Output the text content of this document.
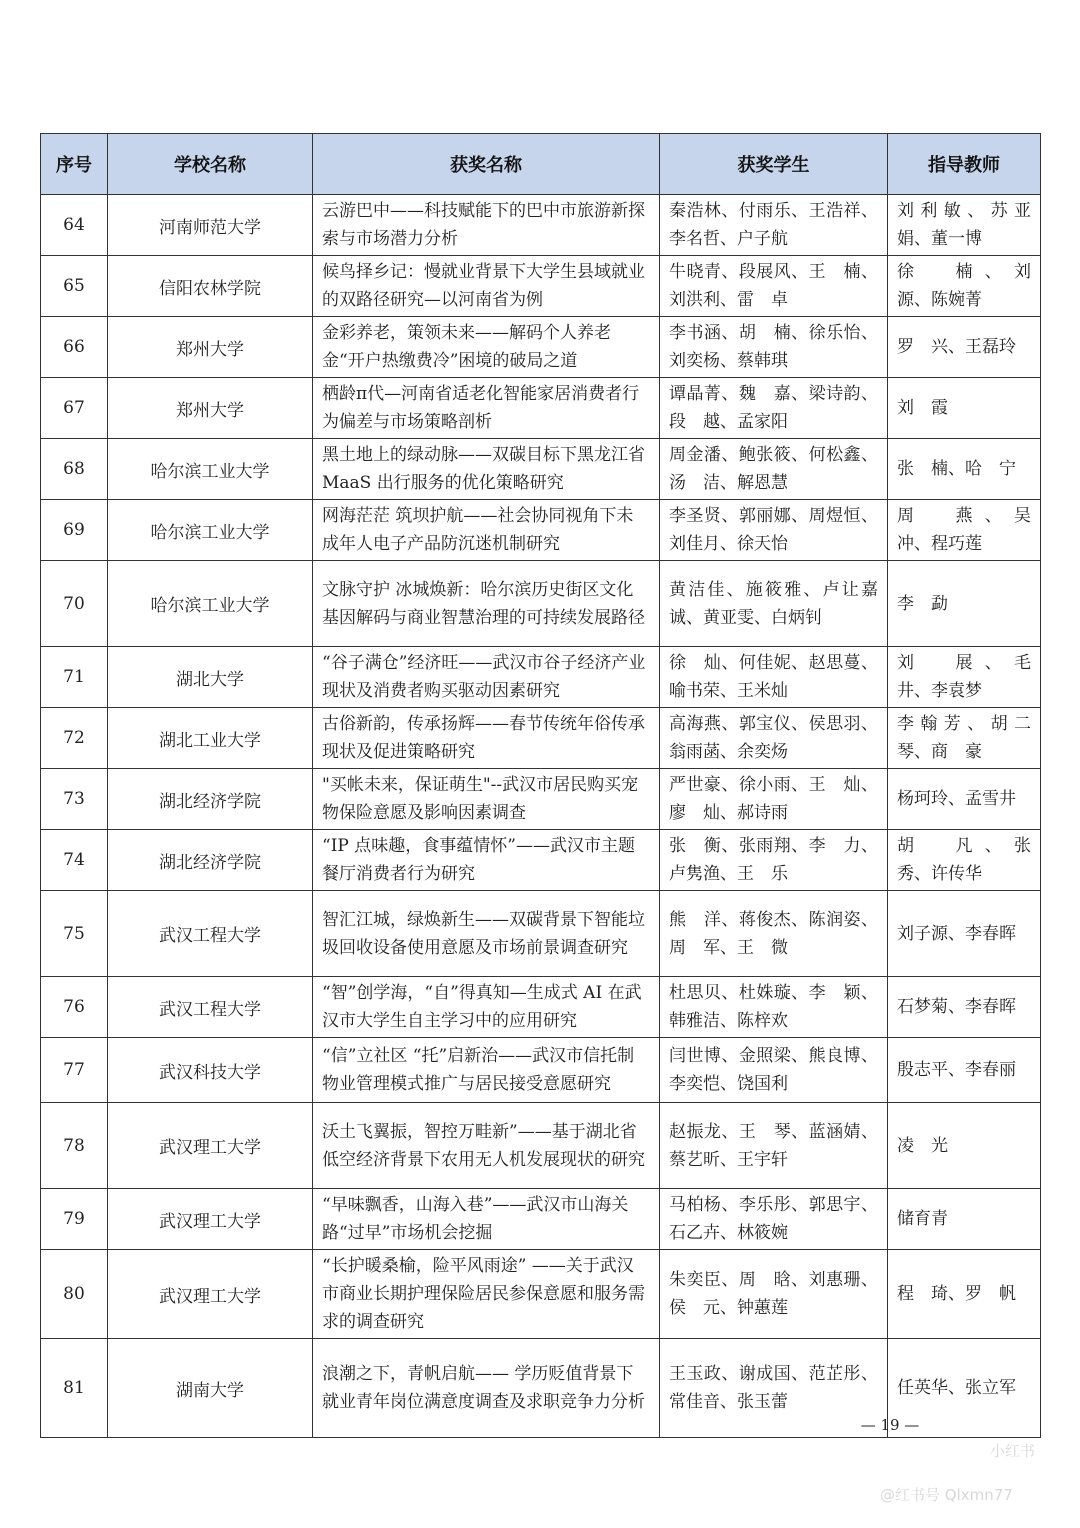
序号	学校名称	获奖名称	获奖学生	指导教师
64	河南师范大学	云游巴中——科技赋能下的巴中市旅游新探索与市场潜力分析	秦浩林、付雨乐、王浩祥、李名哲、户子航	刘利敏、苏亚娟、董一博
65	信阳农林学院	候鸟择乡记：慢就业背景下大学生县域就业的双路径研究—以河南省为例	牛晓青、段展风、王　楠、刘洪利、雷　卓	徐　楠、刘　源、陈婉菁
66	郑州大学	金彩养老，策领未来——解码个人养老金“开户热缴费冷”困境的破局之道	李书涵、胡　楠、徐乐怡、刘奕杨、蔡韩琪	罗　兴、王磊玲
67	郑州大学	栖龄π代—河南省适老化智能家居消费者行为偏差与市场策略剖析	谭晶菁、魏　嘉、梁诗韵、段　越、孟家阳	刘　霞
68	哈尔滨工业大学	黑土地上的绿动脉——双碳目标下黑龙江省 MaaS 出行服务的优化策略研究	周金潘、鲍张筱、何松鑫、汤　洁、解恩慧	张　楠、哈　宁
69	哈尔滨工业大学	网海茫茫 筑坝护航——社会协同视角下未成年人电子产品防沉迷机制研究	李圣贤、郭丽娜、周煜恒、刘佳月、徐天怡	周　燕、吴　冲、程巧莲
70	哈尔滨工业大学	文脉守护 冰城焕新：哈尔滨历史街区文化基因解码与商业智慧治理的可持续发展路径	黄洁佳、施筱雅、卢让嘉诚、黄亚雯、白炳钊	李　勐
71	湖北大学	“谷子满仓”经济旺——武汉市谷子经济产业现状及消费者购买驱动因素研究	徐　灿、何佳妮、赵思蔓、喻书荣、王米灿	刘　展、毛　井、李袁梦
72	湖北工业大学	古俗新韵，传承扬辉——春节传统年俗传承现状及促进策略研究	高海燕、郭宝仪、侯思羽、翁雨菡、余奕炀	李翰芳、胡二琴、商　豪
73	湖北经济学院	"买帐未来，保证萌生"--武汉市居民购买宠物保险意愿及影响因素调查	严世豪、徐小雨、王　灿、廖　灿、郝诗雨	杨珂玲、孟雪井
74	湖北经济学院	“IP 点味趣，食事蕴情怀”——武汉市主题餐厅消费者行为研究	张　衡、张雨翔、李　力、卢隽渔、王　乐	胡　凡、张　秀、许传华
75	武汉工程大学	智汇江城，绿焕新生——双碳背景下智能垃圾回收设备使用意愿及市场前景调查研究	熊　洋、蒋俊杰、陈润姿、周　军、王　微	刘子源、李春晖
76	武汉工程大学	“智”创学海，“自”得真知—生成式 AI 在武汉市大学生自主学习中的应用研究	杜思贝、杜姝璇、李　颖、韩雅洁、陈梓欢	石梦菊、李春晖
77	武汉科技大学	“信”立社区 “托”启新治——武汉市信托制物业管理模式推广与居民接受意愿研究	闫世博、金照梁、熊良博、李奕恺、饶国利	殷志平、李春丽
78	武汉理工大学	沃土飞翼振，智控万畦新”——基于湖北省低空经济背景下农用无人机发展现状的研究	赵振龙、王　琴、蓝涵婧、蔡艺昕、王宇轩	凌　光
79	武汉理工大学	“早味飘香，山海入巷”——武汉市山海关路“过早”市场机会挖掘	马柏杨、李乐彤、郭思宇、石乙卉、林筱婉	储育青
80	武汉理工大学	“长护暖桑榆，险平风雨途” ——关于武汉市商业长期护理保险居民参保意愿和服务需求的调查研究	朱奕臣、周　晗、刘惠珊、侯　元、钟蕙莲	程　琦、罗　帆
81	湖南大学	浪潮之下，青帆启航—— 学历贬值背景下就业青年岗位满意度调查及求职竞争力分析	王玉政、谢成国、范芷彤、常佳音、张玉蕾	任英华、张立军
— 19 —
小红书
@红书号 Qlxmn77
